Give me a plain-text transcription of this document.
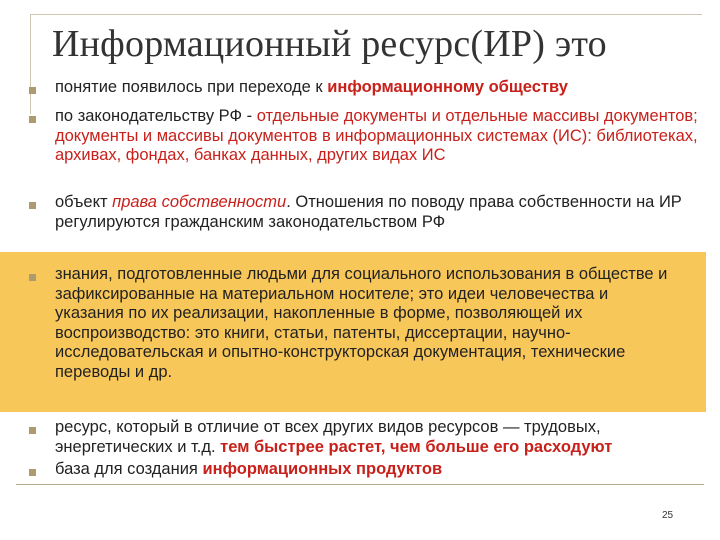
Информационный ресурс(ИР) это
понятие появилось при переходе к информационному обществу
по законодательству РФ - отдельные документы и отдельные массивы документов; документы и массивы документов в информационных системах (ИС): библиотеках, архивах, фондах, банках данных, других видах ИС
объект права собственности. Отношения по поводу права собственности на ИР регулируются гражданским законодательством РФ
знания, подготовленные людьми для социального использования в обществе и зафиксированные на материальном носителе; это идеи человечества и указания по их реализации, накопленные в форме, позволяющей их воспроизводство: это книги, статьи, патенты, диссертации, научно-исследовательская и опытно-конструкторская документация, технические переводы и др.
ресурс, который в отличие от всех других видов ресурсов — трудовых, энергетических и т.д. тем быстрее растет, чем больше его расходуют
база для создания информационных продуктов
25
